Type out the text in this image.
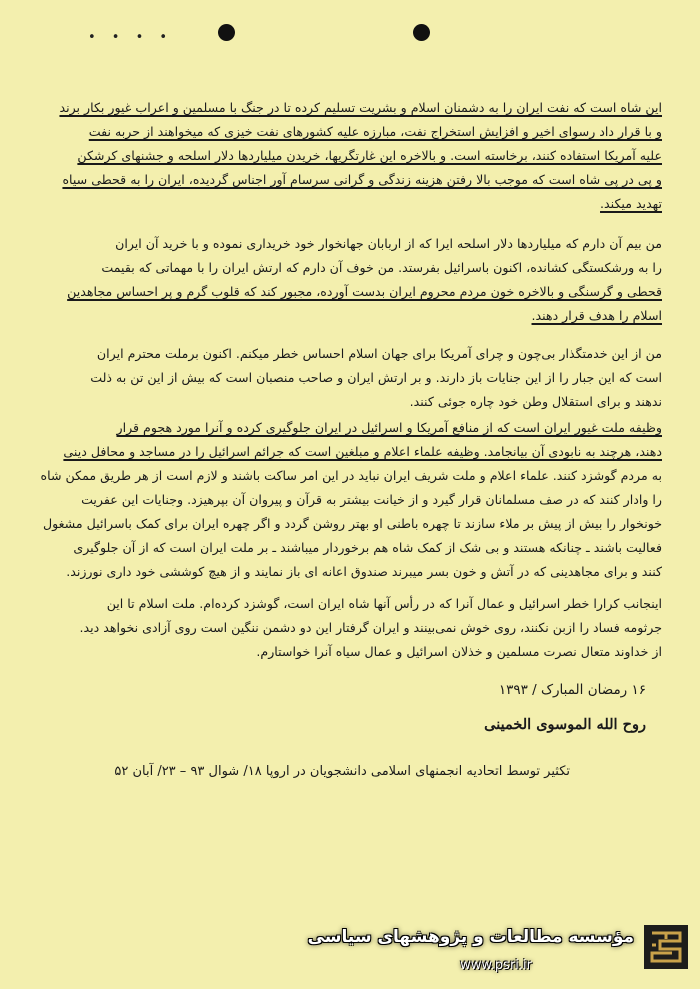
• • • •
این شاه است که نفت ایران را به دشمنان اسلام و بشریت تسلیم کرده تا در جنگ با مسلمین و اعراب غیور بکار برند
و با قرار داد رسوای اخیر و افزایش استخراج نفت، مبارزه علیه کشورهای نفت خیزی که میخواهند از حربه نفت
علیه آمریکا استفاده کنند، برخاسته است. و بالاخره این غارتگریها، خریدن میلیاردها دلار اسلحه و جشنهای کرشکن
و پی در پی شاه است که موجب بالا رفتن هزینه زندگی و گرانی سرسام آور اجناس گردیده، ایران را به قحطی سیاه
تهدید میکند.
من بیم آن دارم که میلیاردها دلار اسلحه ایرا که از اربابان جهانخوار خود خریداری نموده و با خرید آن ایران
را به ورشکستگی کشانده، اکنون باسرائیل بفرستد. من خوف آن دارم که ارتش ایران را با مهماتی که بقیمت
قحطی و گرسنگی و بالاخره خون مردم محروم ایران بدست آورده، مجبور کند که قلوب گرم و پر احساس مجاهدین
اسلام را هدف قرار دهند.
من از این خدمتگذار بی‌چون و چرای آمریکا برای جهان اسلام احساس خطر میکنم. اکنون برملت محترم ایران
است که این جبار را از این جنایات باز دارند. و بر ارتش ایران و صاحب منصبان است که بیش از این تن به ذلت
ندهند و برای استقلال وطن خود چاره جوئی کنند.
وظیفه ملت غیور ایران است که از منافع آمریکا و اسرائیل در ایران جلوگیری کرده و آنرا مورد هجوم قرار
دهند، هرچند به نابودی آن بیانجامد. وظیفه علماء اعلام و مبلغین است که جرائم اسرائیل را در مساجد و محافل دینی
به مردم گوشزد کنند. علماء اعلام و ملت شریف ایران نباید در این امر ساکت باشند و لازم است از هر طریق ممکن شاه
را وادار کنند که در صف مسلمانان قرار گیرد و از خیانت بیشتر به قرآن و پیروان آن بپرهیزد. وجنایات این عفریت
خونخوار را بیش از پیش بر ملاء سازند تا چهره باطنی او بهتر روشن گردد و اگر چهره ایران برای کمک باسرائیل مشغول
فعالیت باشند ـ چنانکه هستند و بی شک از کمک شاه هم برخوردار میباشند ـ بر ملت ایران است که از آن جلوگیری
کنند و برای مجاهدینی که در آتش و خون بسر میبرند صندوق اعانه ای باز نمایند و از هیچ کوششی خود داری نورزند.
اینجانب کرارا خطر اسرائیل و عمال آنرا که در رأس آنها شاه ایران است، گوشزد کرده‌ام. ملت اسلام تا این
جرثومه فساد را ازبن نکنند، روی خوش نمی‌بینند و ایران گرفتار این دو دشمن ننگین است روی آزادی نخواهد دید.
از خداوند متعال نصرت مسلمین و خذلان اسرائیل و عمال سیاه آنرا خواستارم.
۱۶ رمضان المبارک / ۱۳۹۳
روح الله الموسوی الخمینی
تکثیر توسط اتحادیه انجمنهای اسلامی دانشجویان در اروپا ۱۸/ شوال ۹۳ – ۲۳/ آبان ۵۲
مؤسسه مطالعات و پژوهشهای سیاسی
www.psri.ir
